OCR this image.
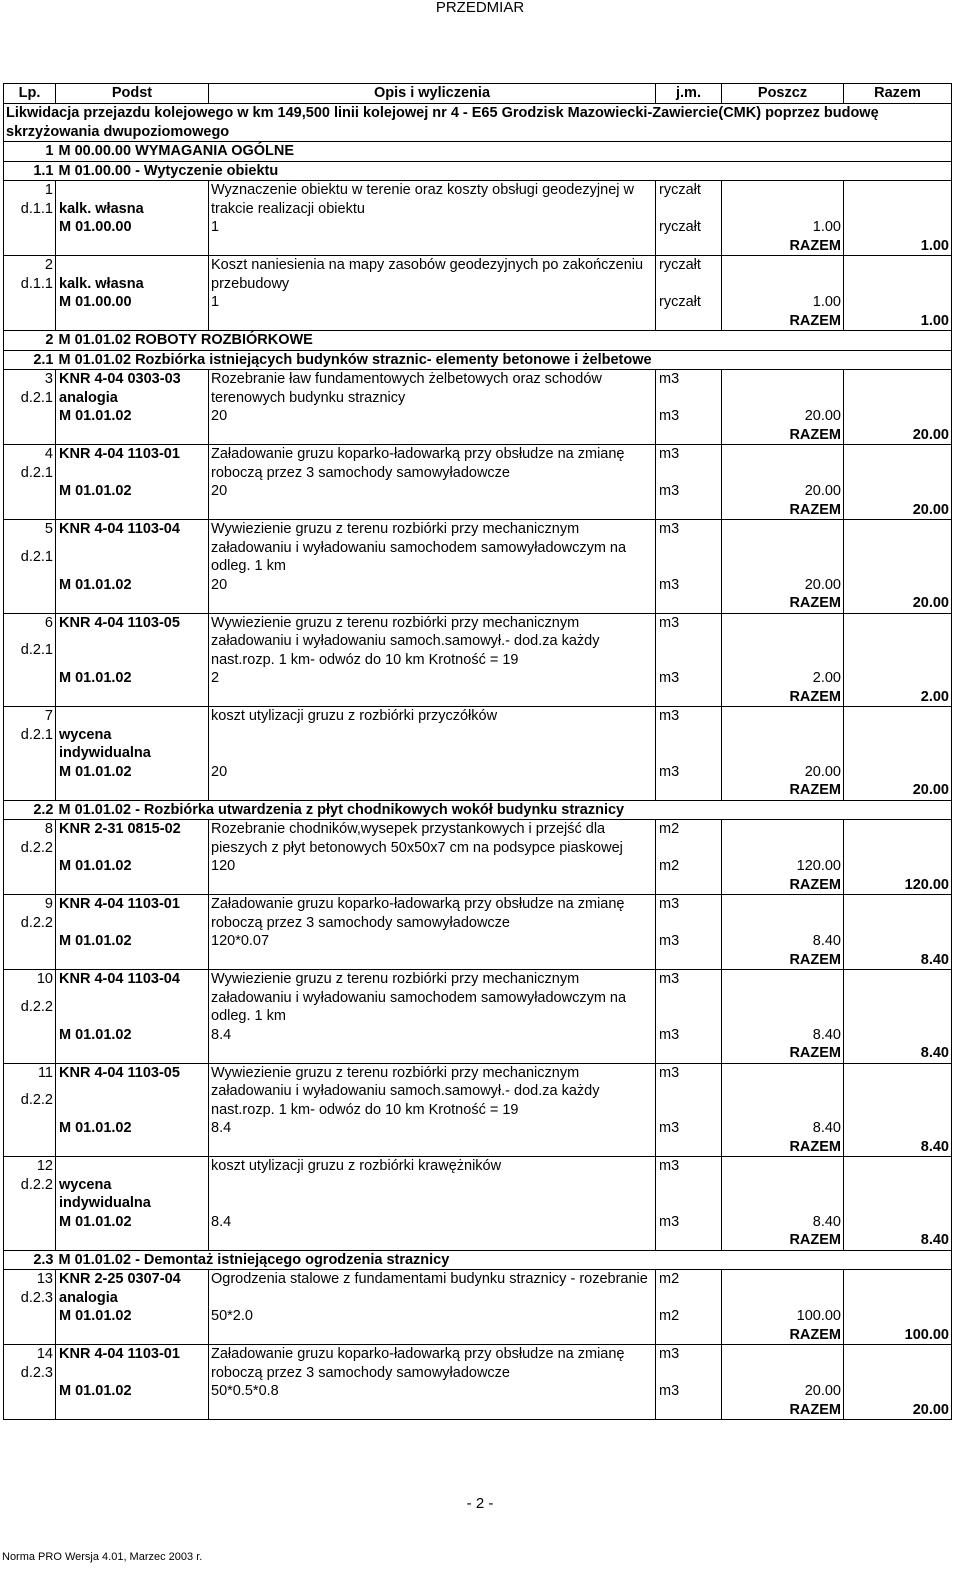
PRZEDMIAR
Lp.	Podst	Opis i wyliczenia	j.m.	Poszcz	Razem
Likwidacja przejazdu kolejowego w km 149,500 linii kolejowej nr 4 - E65 Grodzisk Mazowiecki-Zawiercie(CMK) poprzez budowę skrzyżowania dwupoziomowego					
1	M 00.00.00 WYMAGANIA OGÓLNE				
1.1	M 01.00.00 - Wytyczenie obiektu				
1		Wyznaczenie obiektu w terenie oraz koszty obsługi geodezyjnej w trakcie realizacji obiektu	ryczałt		
d.1.1	kalk. własna				
	M 01.00.00	1	ryczałt	1.00	
				RAZEM	1.00
2		Koszt naniesienia na mapy zasobów geodezyjnych po zakończeniu przebudowy	ryczałt		
d.1.1	kalk. własna				
	M 01.00.00	1	ryczałt	1.00	
				RAZEM	1.00
2	M 01.01.02 ROBOTY ROZBIÓRKOWE				
2.1	M 01.01.02 Rozbiórka istniejących budynków straznic- elementy betonowe i żelbetowe				
3	KNR 4-04 0303-03	Rozebranie ław fundamentowych żelbetowych oraz schodów terenowych budynku straznicy	m3		
d.2.1	analogia				
	M 01.01.02	20	m3	20.00	
				RAZEM	20.00
4	KNR 4-04 1103-01	Załadowanie gruzu koparko-ładowarką przy obsłudze na zmianę roboczą przez 3 samochody samowyładowcze	m3		
d.2.1					
	M 01.01.02	20	m3	20.00	
				RAZEM	20.00
5	KNR 4-04 1103-04	Wywiezienie gruzu z terenu rozbiórki przy mechanicznym załadowaniu i wyładowaniu samochodem samowyładowczym na odleg. 1 km	m3		
d.2.1					
	M 01.01.02	20	m3	20.00	
				RAZEM	20.00
6	KNR 4-04 1103-05	Wywiezienie gruzu z terenu rozbiórki przy mechanicznym załadowaniu i wyładowaniu samoch.samowył.- dod.za każdy nast.rozp. 1 km- odwóz do 10 km Krotność = 19	m3		
d.2.1					
	M 01.01.02	2	m3	2.00	
				RAZEM	2.00
7		koszt utylizacji gruzu z rozbiórki przyczółków	m3		
d.2.1	wycena indywidualna				
	M 01.01.02	20	m3	20.00	
				RAZEM	20.00
2.2	M 01.01.02 - Rozbiórka utwardzenia z płyt chodnikowych wokół budynku straznicy				
8	KNR 2-31 0815-02	Rozebranie chodników,wysepek przystankowych i przejść dla pieszych z płyt betonowych 50x50x7 cm na podsypce piaskowej	m2		
d.2.2					
	M 01.01.02	120	m2	120.00	
				RAZEM	120.00
9	KNR 4-04 1103-01	Załadowanie gruzu koparko-ładowarką przy obsłudze na zmianę roboczą przez 3 samochody samowyładowcze	m3		
d.2.2					
	M 01.01.02	120*0.07	m3	8.40	
				RAZEM	8.40
10	KNR 4-04 1103-04	Wywiezienie gruzu z terenu rozbiórki przy mechanicznym załadowaniu i wyładowaniu samochodem samowyładowczym na odleg. 1 km	m3		
d.2.2					
	M 01.01.02	8.4	m3	8.40	
				RAZEM	8.40
11	KNR 4-04 1103-05	Wywiezienie gruzu z terenu rozbiórki przy mechanicznym załadowaniu i wyładowaniu samoch.samowył.- dod.za każdy nast.rozp. 1 km- odwóz do 10 km Krotność = 19	m3		
d.2.2					
	M 01.01.02	8.4	m3	8.40	
				RAZEM	8.40
12		koszt utylizacji gruzu z rozbiórki krawężników	m3		
d.2.2	wycena indywidualna				
	M 01.01.02	8.4	m3	8.40	
				RAZEM	8.40
2.3	M 01.01.02 - Demontaż istniejącego ogrodzenia straznicy				
13	KNR 2-25 0307-04	Ogrodzenia stalowe z fundamentami budynku straznicy - rozebranie	m2		
d.2.3	analogia				
	M 01.01.02	50*2.0	m2	100.00	
				RAZEM	100.00
14	KNR 4-04 1103-01	Załadowanie gruzu koparko-ładowarką przy obsłudze na zmianę roboczą przez 3 samochody samowyładowcze	m3		
d.2.3					
	M 01.01.02	50*0.5*0.8	m3	20.00	
				RAZEM	20.00
- 2 -
Norma PRO Wersja 4.01, Marzec 2003 r.
